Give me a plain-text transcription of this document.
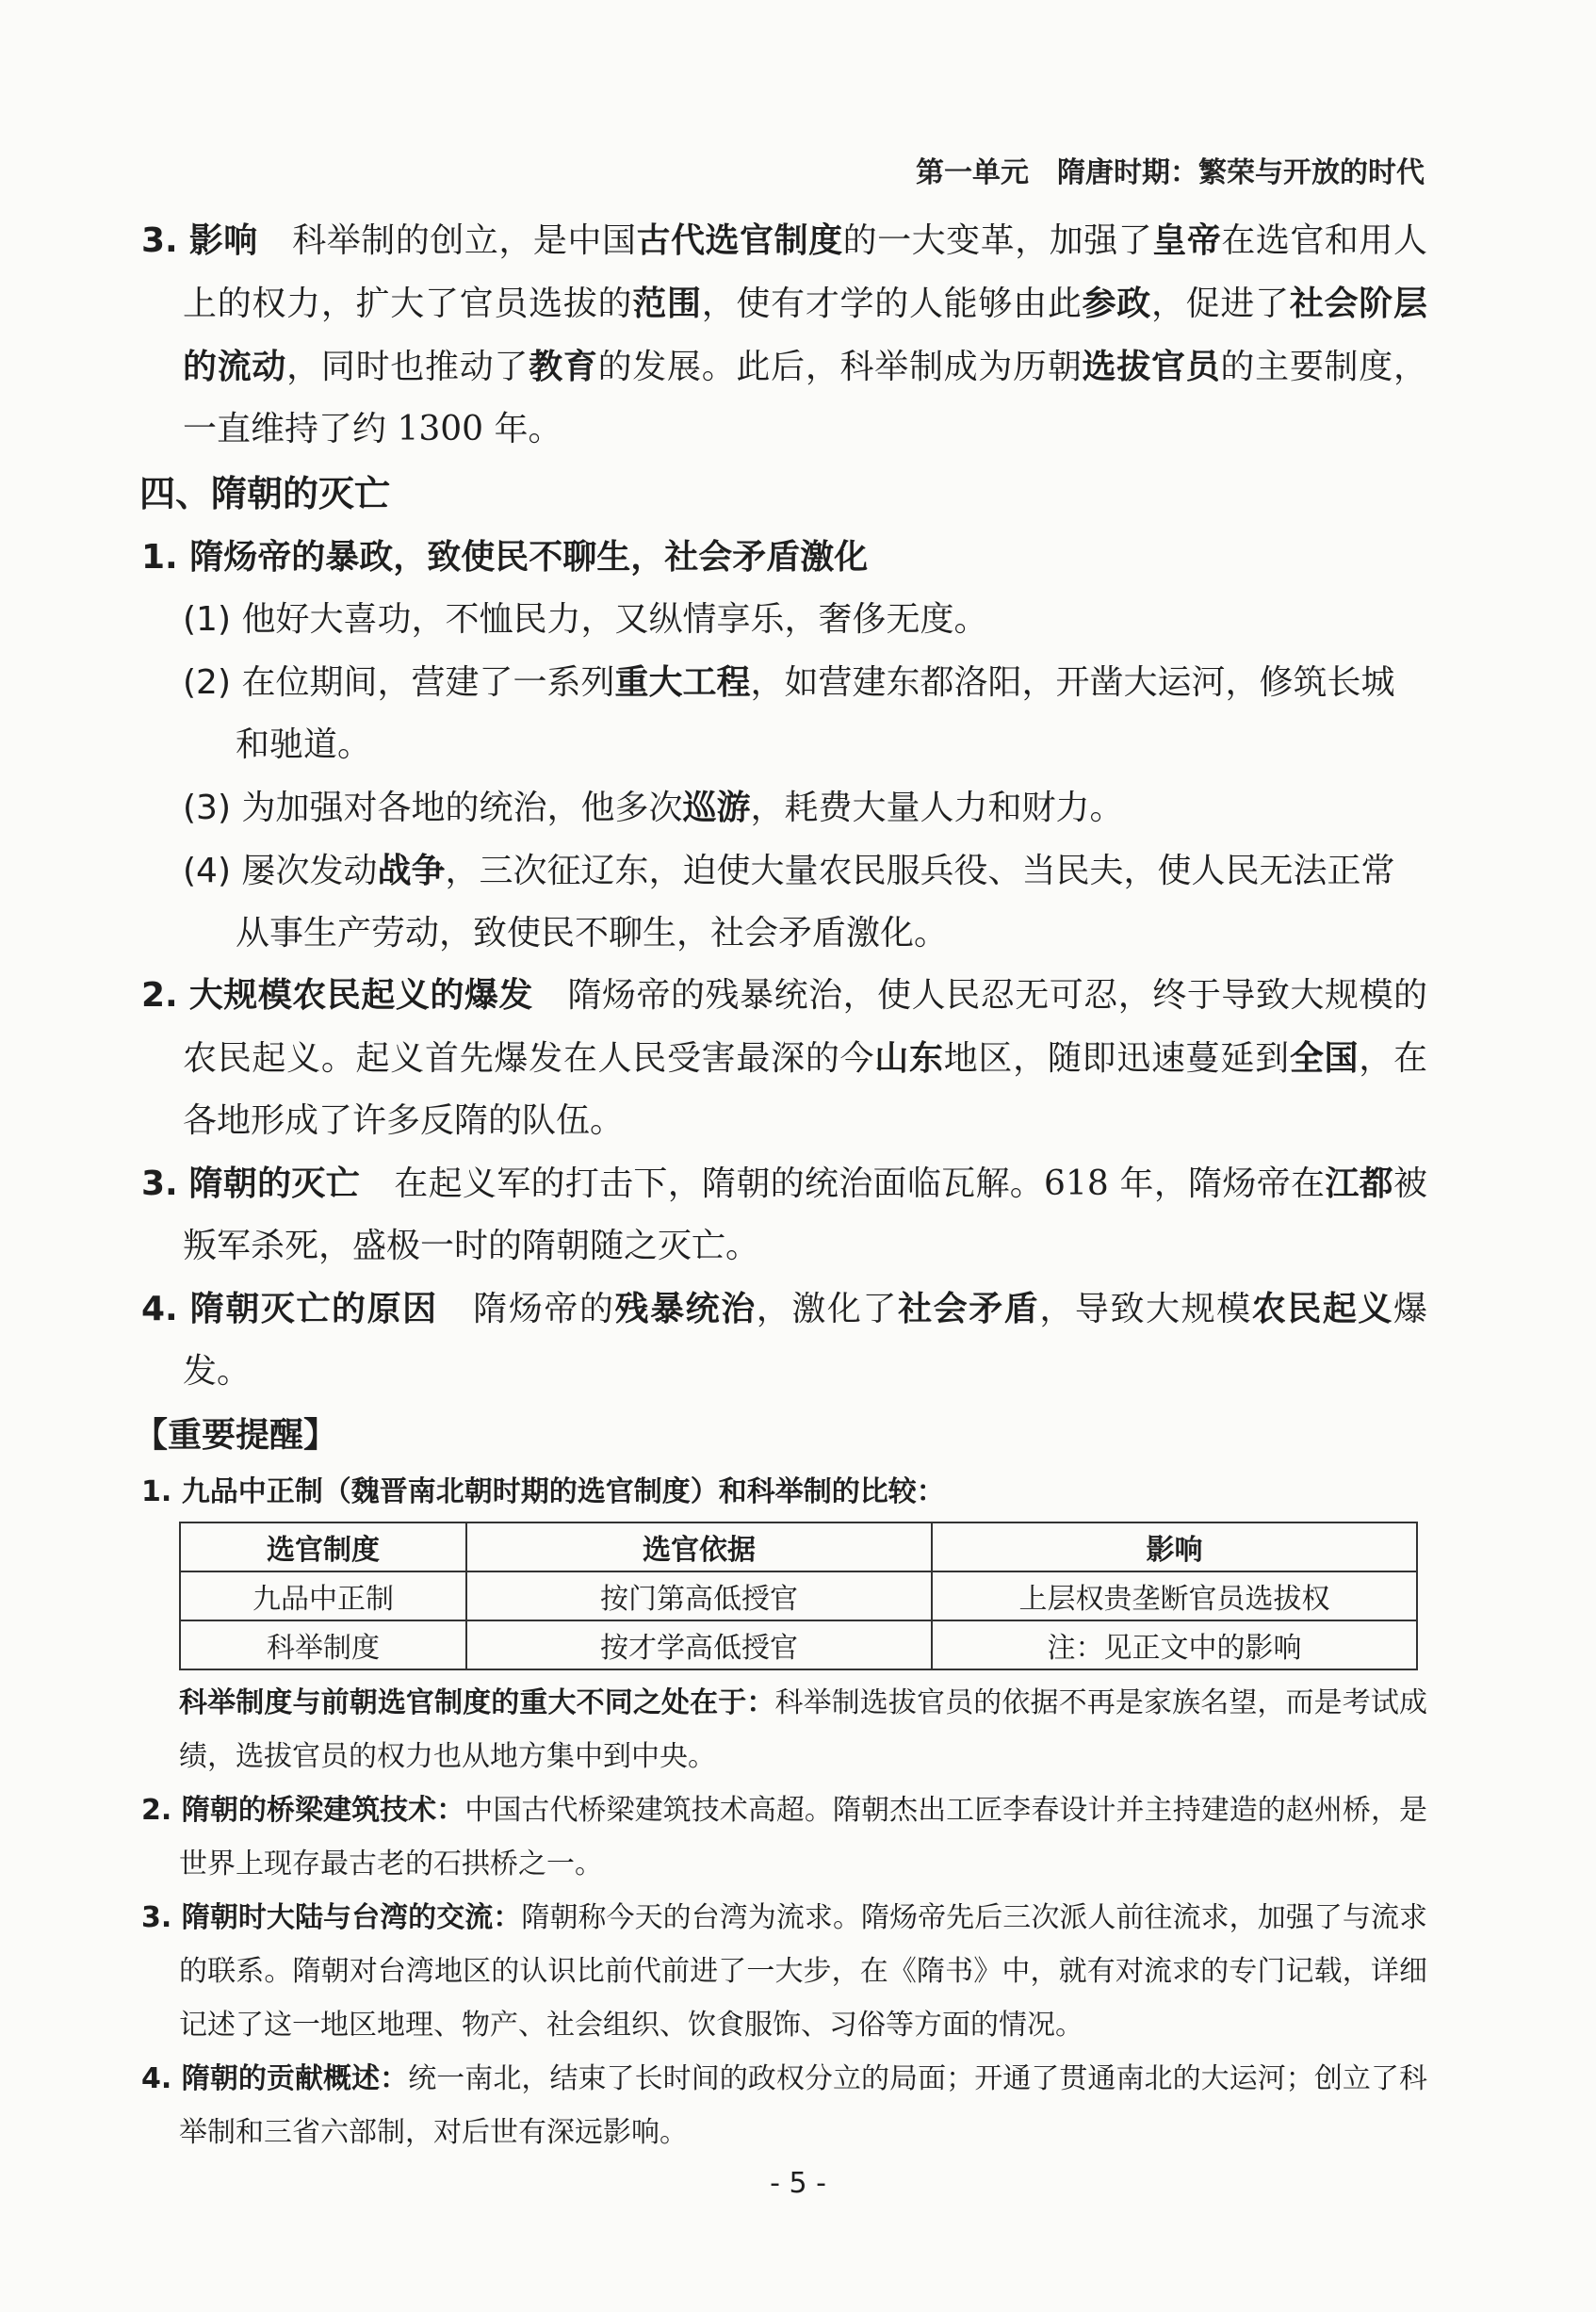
第一单元 隋唐时期：繁荣与开放的时代

3. 影响　科举制的创立，是中国古代选官制度的一大变革，加强了皇帝在选官和用人上的权力，扩大了官员选拔的范围，使有才学的人能够由此参政，促进了社会阶层的流动，同时也推动了教育的发展。此后，科举制成为历朝选拔官员的主要制度，一直维持了约 1300 年。

四、隋朝的灭亡

1. 隋炀帝的暴政，致使民不聊生，社会矛盾激化

(1) 他好大喜功，不恤民力，又纵情享乐，奢侈无度。

(2) 在位期间，营建了一系列重大工程，如营建东都洛阳，开凿大运河，修筑长城和驰道。

(3) 为加强对各地的统治，他多次巡游，耗费大量人力和财力。

(4) 屡次发动战争，三次征辽东，迫使大量农民服兵役、当民夫，使人民无法正常从事生产劳动，致使民不聊生，社会矛盾激化。

2. 大规模农民起义的爆发　隋炀帝的残暴统治，使人民忍无可忍，终于导致大规模的农民起义。起义首先爆发在人民受害最深的今山东地区，随即迅速蔓延到全国，在各地形成了许多反隋的队伍。

3. 隋朝的灭亡　在起义军的打击下，隋朝的统治面临瓦解。618 年，隋炀帝在江都被叛军杀死，盛极一时的隋朝随之灭亡。

4. 隋朝灭亡的原因　隋炀帝的残暴统治，激化了社会矛盾，导致大规模农民起义爆发。

【重要提醒】

1. 九品中正制（魏晋南北朝时期的选官制度）和科举制的比较：

选官制度	选官依据	影响
九品中正制	按门第高低授官	上层权贵垄断官员选拔权
科举制度	按才学高低授官	注：见正文中的影响

科举制度与前朝选官制度的重大不同之处在于：科举制选拔官员的依据不再是家族名望，而是考试成绩，选拔官员的权力也从地方集中到中央。

2. 隋朝的桥梁建筑技术：中国古代桥梁建筑技术高超。隋朝杰出工匠李春设计并主持建造的赵州桥，是世界上现存最古老的石拱桥之一。

3. 隋朝时大陆与台湾的交流：隋朝称今天的台湾为流求。隋炀帝先后三次派人前往流求，加强了与流求的联系。隋朝对台湾地区的认识比前代前进了一大步，在《隋书》中，就有对流求的专门记载，详细记述了这一地区地理、物产、社会组织、饮食服饰、习俗等方面的情况。

4. 隋朝的贡献概述：统一南北，结束了长时间的政权分立的局面；开通了贯通南北的大运河；创立了科举制和三省六部制，对后世有深远影响。

- 5 -
